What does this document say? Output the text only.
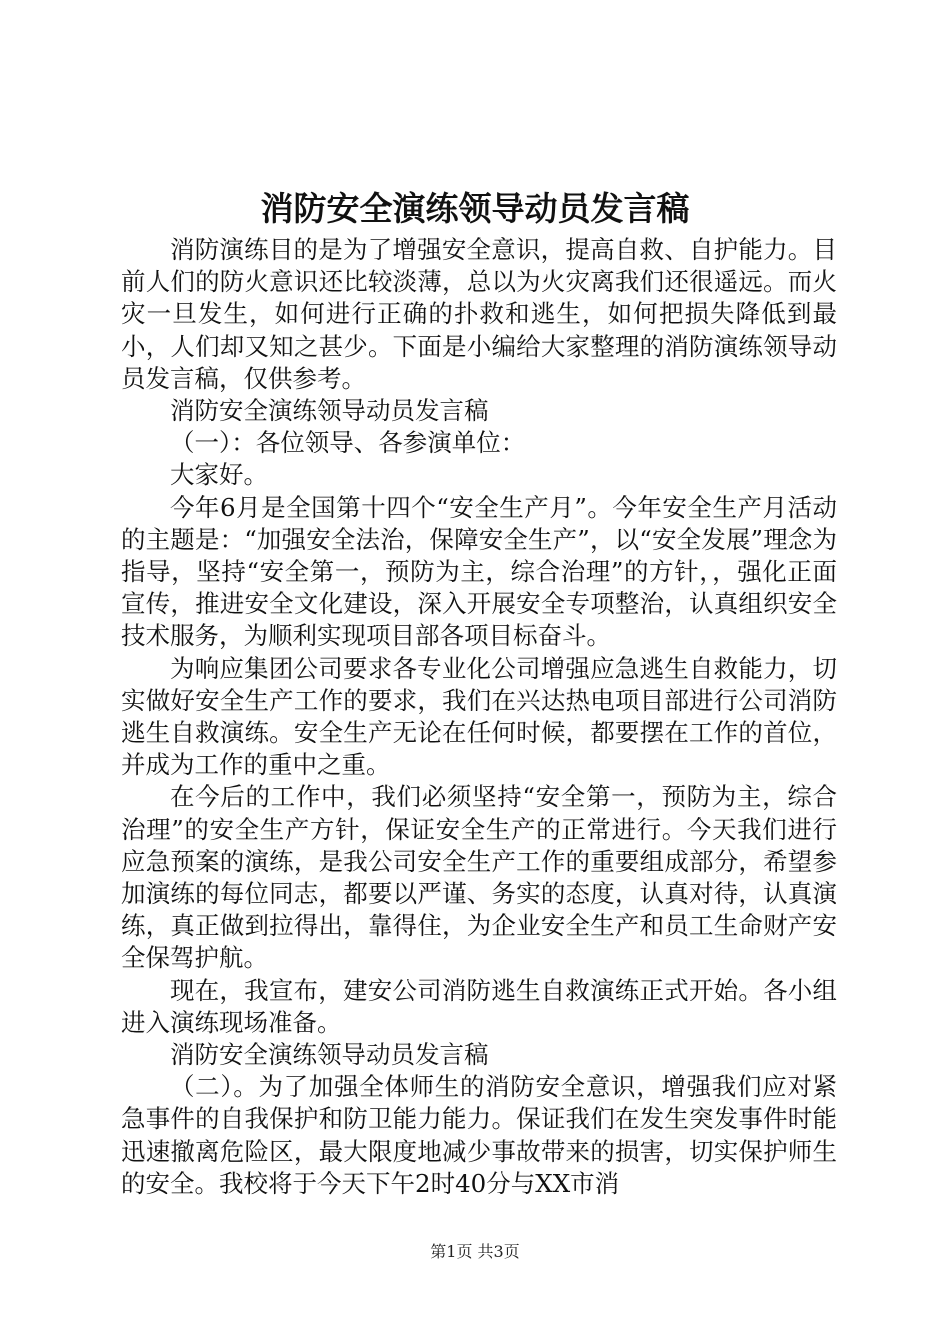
消防安全演练领导动员发言稿

消防演练目的是为了增强安全意识，提高自救、自护能力。目前人们的防火意识还比较淡薄，总以为火灾离我们还很遥远。而火灾一旦发生，如何进行正确的扑救和逃生，如何把损失降低到最小，人们却又知之甚少。下面是小编给大家整理的消防演练领导动员发言稿，仅供参考。

消防安全演练领导动员发言稿

（一）：各位领导、各参演单位：

大家好。

今年6月是全国第十四个“安全生产月”。今年安全生产月活动的主题是：“加强安全法治，保障安全生产”，以“安全发展”理念为指导，坚持“安全第一，预防为主，综合治理”的方针，，强化正面宣传，推进安全文化建设，深入开展安全专项整治，认真组织安全技术服务，为顺利实现项目部各项目标奋斗。

为响应集团公司要求各专业化公司增强应急逃生自救能力，切实做好安全生产工作的要求，我们在兴达热电项目部进行公司消防逃生自救演练。安全生产无论在任何时候，都要摆在工作的首位，并成为工作的重中之重。

在今后的工作中，我们必须坚持“安全第一，预防为主，综合治理”的安全生产方针，保证安全生产的正常进行。今天我们进行应急预案的演练，是我公司安全生产工作的重要组成部分，希望参加演练的每位同志，都要以严谨、务实的态度，认真对待，认真演练，真正做到拉得出，靠得住，为企业安全生产和员工生命财产安全保驾护航。

现在，我宣布，建安公司消防逃生自救演练正式开始。各小组进入演练现场准备。

消防安全演练领导动员发言稿

（二）。为了加强全体师生的消防安全意识，增强我们应对紧急事件的自我保护和防卫能力能力。保证我们在发生突发事件时能迅速撤离危险区，最大限度地减少事故带来的损害，切实保护师生的安全。我校将于今天下午2时40分与XX市消

第1页 共3页
